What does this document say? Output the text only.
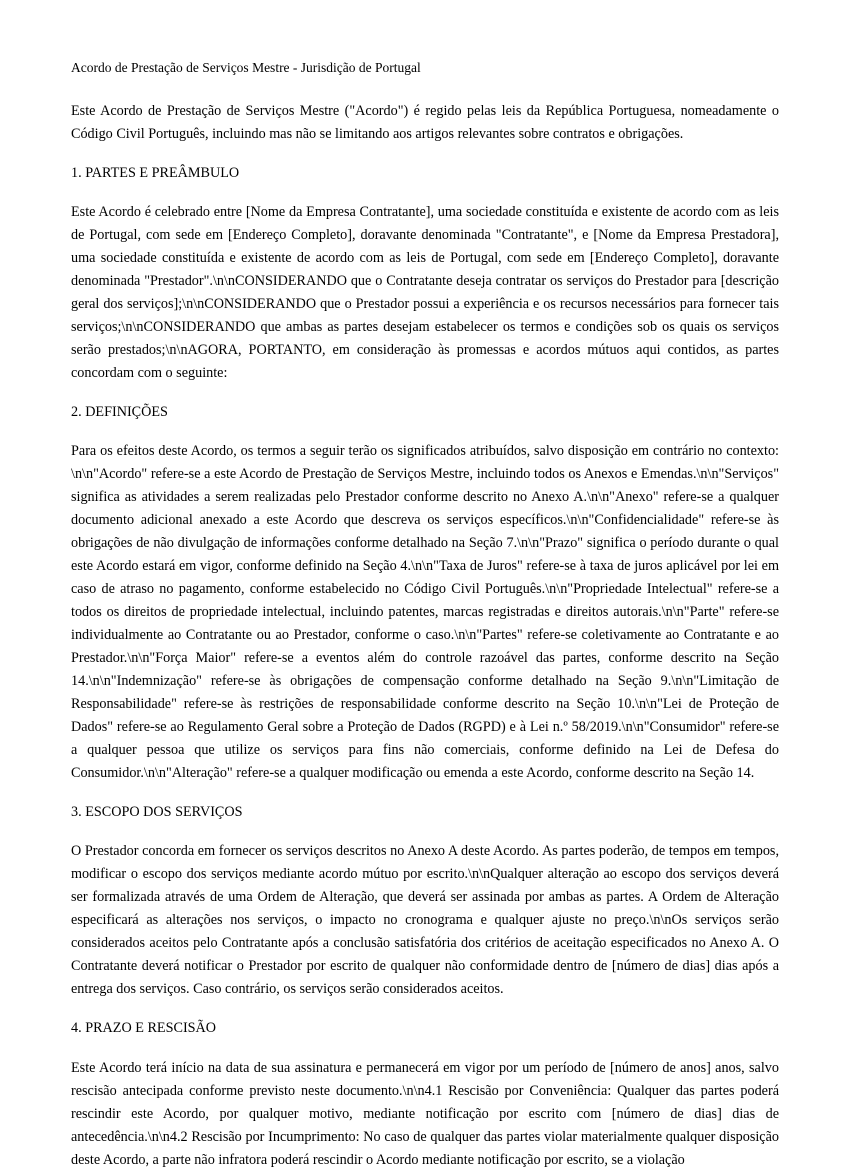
Acordo de Prestação de Serviços Mestre - Jurisdição de Portugal
Este Acordo de Prestação de Serviços Mestre ("Acordo") é regido pelas leis da República Portuguesa, nomeadamente o Código Civil Português, incluindo mas não se limitando aos artigos relevantes sobre contratos e obrigações.
1. PARTES E PREÂMBULO
Este Acordo é celebrado entre [Nome da Empresa Contratante], uma sociedade constituída e existente de acordo com as leis de Portugal, com sede em [Endereço Completo], doravante denominada "Contratante", e [Nome da Empresa Prestadora], uma sociedade constituída e existente de acordo com as leis de Portugal, com sede em [Endereço Completo], doravante denominada "Prestador".\n\nCONSIDERANDO que o Contratante deseja contratar os serviços do Prestador para [descrição geral dos serviços];\n\nCONSIDERANDO que o Prestador possui a experiência e os recursos necessários para fornecer tais serviços;\n\nCONSIDERANDO que ambas as partes desejam estabelecer os termos e condições sob os quais os serviços serão prestados;\n\nAGORA, PORTANTO, em consideração às promessas e acordos mútuos aqui contidos, as partes concordam com o seguinte:
2. DEFINIÇÕES
Para os efeitos deste Acordo, os termos a seguir terão os significados atribuídos, salvo disposição em contrário no contexto: \n\n"Acordo" refere-se a este Acordo de Prestação de Serviços Mestre, incluindo todos os Anexos e Emendas.\n\n"Serviços" significa as atividades a serem realizadas pelo Prestador conforme descrito no Anexo A.\n\n"Anexo" refere-se a qualquer documento adicional anexado a este Acordo que descreva os serviços específicos.\n\n"Confidencialidade" refere-se às obrigações de não divulgação de informações conforme detalhado na Seção 7.\n\n"Prazo" significa o período durante o qual este Acordo estará em vigor, conforme definido na Seção 4.\n\n"Taxa de Juros" refere-se à taxa de juros aplicável por lei em caso de atraso no pagamento, conforme estabelecido no Código Civil Português.\n\n"Propriedade Intelectual" refere-se a todos os direitos de propriedade intelectual, incluindo patentes, marcas registradas e direitos autorais.\n\n"Parte" refere-se individualmente ao Contratante ou ao Prestador, conforme o caso.\n\n"Partes" refere-se coletivamente ao Contratante e ao Prestador.\n\n"Força Maior" refere-se a eventos além do controle razoável das partes, conforme descrito na Seção 14.\n\n"Indemnização" refere-se às obrigações de compensação conforme detalhado na Seção 9.\n\n"Limitação de Responsabilidade" refere-se às restrições de responsabilidade conforme descrito na Seção 10.\n\n"Lei de Proteção de Dados" refere-se ao Regulamento Geral sobre a Proteção de Dados (RGPD) e à Lei n.º 58/2019.\n\n"Consumidor" refere-se a qualquer pessoa que utilize os serviços para fins não comerciais, conforme definido na Lei de Defesa do Consumidor.\n\n"Alteração" refere-se a qualquer modificação ou emenda a este Acordo, conforme descrito na Seção 14.
3. ESCOPO DOS SERVIÇOS
O Prestador concorda em fornecer os serviços descritos no Anexo A deste Acordo. As partes poderão, de tempos em tempos, modificar o escopo dos serviços mediante acordo mútuo por escrito.\n\nQualquer alteração ao escopo dos serviços deverá ser formalizada através de uma Ordem de Alteração, que deverá ser assinada por ambas as partes. A Ordem de Alteração especificará as alterações nos serviços, o impacto no cronograma e qualquer ajuste no preço.\n\nOs serviços serão considerados aceitos pelo Contratante após a conclusão satisfatória dos critérios de aceitação especificados no Anexo A. O Contratante deverá notificar o Prestador por escrito de qualquer não conformidade dentro de [número de dias] dias após a entrega dos serviços. Caso contrário, os serviços serão considerados aceitos.
4. PRAZO E RESCISÃO
Este Acordo terá início na data de sua assinatura e permanecerá em vigor por um período de [número de anos] anos, salvo rescisão antecipada conforme previsto neste documento.\n\n4.1 Rescisão por Conveniência: Qualquer das partes poderá rescindir este Acordo, por qualquer motivo, mediante notificação por escrito com [número de dias] dias de antecedência.\n\n4.2 Rescisão por Incumprimento: No caso de qualquer das partes violar materialmente qualquer disposição deste Acordo, a parte não infratora poderá rescindir o Acordo mediante notificação por escrito, se a violação
